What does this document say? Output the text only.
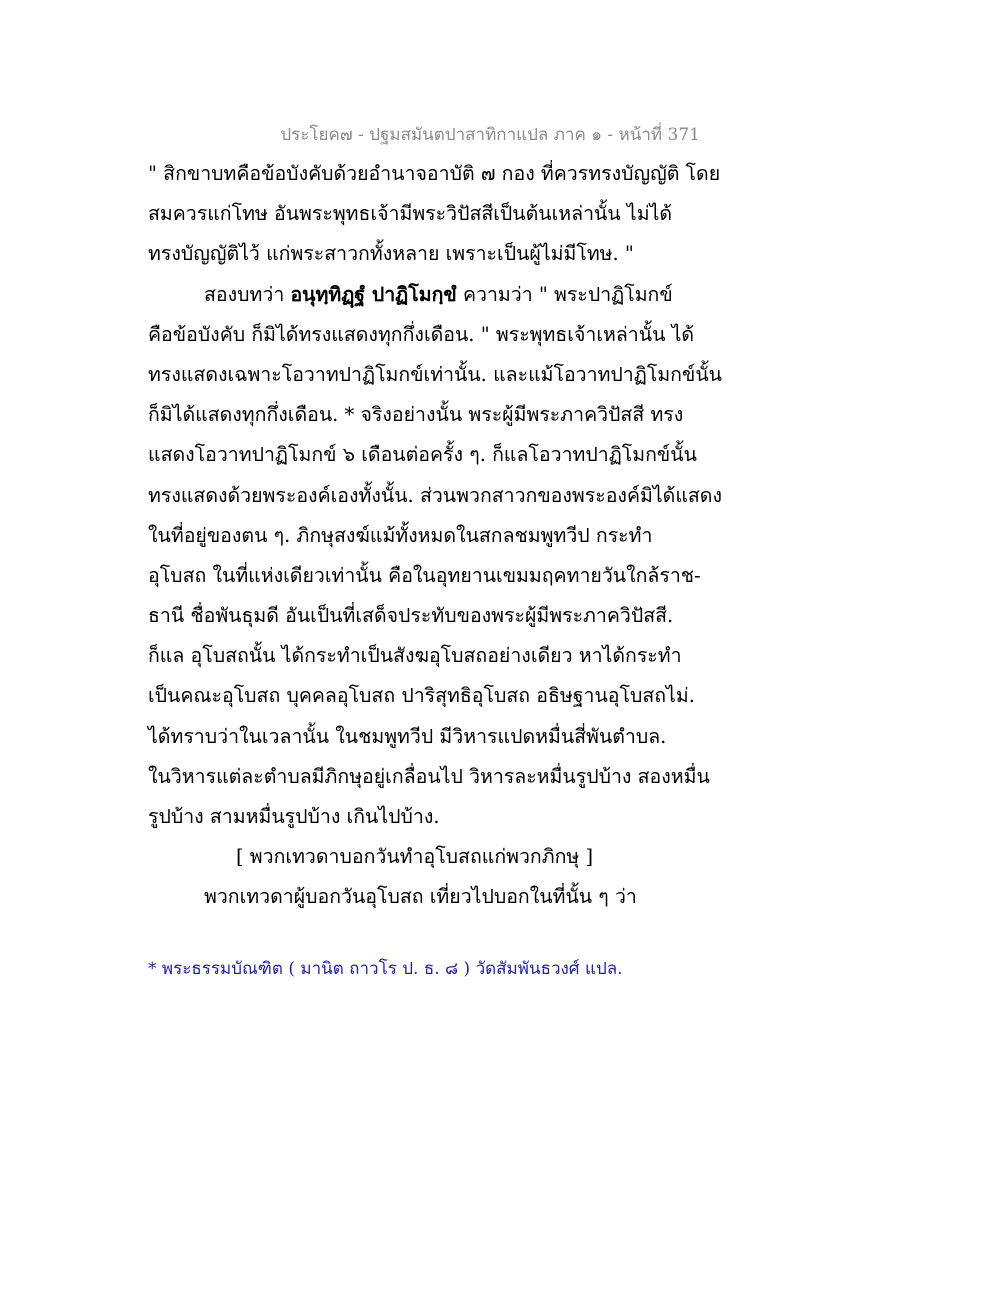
ประโยค๗ - ปฐมสมันตปาสาทิกาแปล ภาค ๑ - หน้าที่ 371
" สิกขาบทคือข้อบังคับด้วยอำนาจอาบัติ ๗ กอง ที่ควรทรงบัญญัติ โดย
สมควรแก่โทษ อันพระพุทธเจ้ามีพระวิปัสสีเป็นต้นเหล่านั้น ไม่ได้
ทรงบัญญัติไว้ แก่พระสาวกทั้งหลาย เพราะเป็นผู้ไม่มีโทษ. "
สองบทว่า อนุทฺทิฏฺฐํ ปาฏิโมกฺขํ ความว่า " พระปาฏิโมกข์
คือข้อบังคับ ก็มิได้ทรงแสดงทุกกึ่งเดือน. " พระพุทธเจ้าเหล่านั้น ได้
ทรงแสดงเฉพาะโอวาทปาฏิโมกข์เท่านั้น. และแม้โอวาทปาฏิโมกข์นั้น
ก็มิได้แสดงทุกกึ่งเดือน. * จริงอย่างนั้น พระผู้มีพระภาควิปัสสี ทรง
แสดงโอวาทปาฏิโมกข์ ๖ เดือนต่อครั้ง ๆ. ก็แลโอวาทปาฏิโมกข์นั้น
ทรงแสดงด้วยพระองค์เองทั้งนั้น. ส่วนพวกสาวกของพระองค์มิได้แสดง
ในที่อยู่ของตน ๆ. ภิกษุสงฆ์แม้ทั้งหมดในสกลชมพูทวีป กระทำ
อุโบสถ ในที่แห่งเดียวเท่านั้น คือในอุทยานเขมมฤคทายวันใกล้ราช-
ธานี ชื่อพันธุมดี อันเป็นที่เสด็จประทับของพระผู้มีพระภาควิปัสสี.
ก็แล อุโบสถนั้น ได้กระทำเป็นสังฆอุโบสถอย่างเดียว หาได้กระทำ
เป็นคณะอุโบสถ บุคคลอุโบสถ ปาริสุทธิอุโบสถ อธิษฐานอุโบสถไม่.
ได้ทราบว่าในเวลานั้น ในชมพูทวีป มีวิหารแปดหมื่นสี่พันตำบล.
ในวิหารแต่ละตำบลมีภิกษุอยู่เกลื่อนไป วิหารละหมื่นรูปบ้าง สองหมื่น
รูปบ้าง สามหมื่นรูปบ้าง เกินไปบ้าง.
[ พวกเทวดาบอกวันทำอุโบสถแก่พวกภิกษุ ]
พวกเทวดาผู้บอกวันอุโบสถ เที่ยวไปบอกในที่นั้น ๆ ว่า
* พระธรรมบัณฑิต ( มานิต ถาวโร ป. ธ. ๘ ) วัดสัมพันธวงศ์ แปล.
